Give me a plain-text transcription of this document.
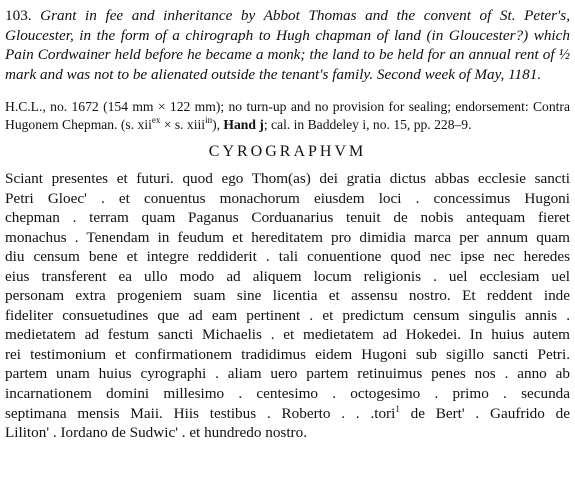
103. Grant in fee and inheritance by Abbot Thomas and the convent of St. Peter's, Gloucester, in the form of a chirograph to Hugh chapman of land (in Gloucester?) which Pain Cordwainer held before he became a monk; the land to be held for an annual rent of ½ mark and was not to be alienated outside the tenant's family. Second week of May, 1181.

H.C.L., no. 1672 (154 mm × 122 mm); no turn-up and no provision for sealing; endorsement: Contra Hugonem Chepman. (s. xii$^{ex}$ × s. xiii$^{in}$), Hand j; cal. in Baddeley i, no. 15, pp. 228–9.

CYROGRAPHVM
Sciant presentes et futuri. quod ego Thom(as) dei gratia dictus abbas ecclesie sancti
Petri Gloec' . et conuentus monachorum eiusdem loci . concessimus Hugoni
chepman . terram quam Paganus Corduanarius tenuit de nobis antequam fieret
monachus . Tenendam in feudum et hereditatem pro dimidia marca per annum quam
diu censum bene et integre reddiderit . tali conuentione quod nec ipse nec heredes
eius transferent ea ullo modo ad aliquem locum religionis . uel ecclesiam uel
personam extra progeniem suam sine licentia et assensu nostro. Et reddent inde
fideliter consuetudines que ad eam pertinent . et predictum censum singulis annis .
medietatem ad festum sancti Michaelis . et medietatem ad Hokedei. In huius autem
rei testimonium et confirmationem tradidimus eidem Hugoni sub sigillo sancti Petri.
partem unam huius cyrographi . aliam uero partem retinuimus penes nos . anno ab
incarnationem domini millesimo . centesimo . octogesimo . primo . secunda
septimana mensis Maii. Hiis testibus . Roberto . . .tori$^1$ de Bert' . Gaufrido de
Liliton' . Iordano de Sudwic' . et hundredo nostro.
